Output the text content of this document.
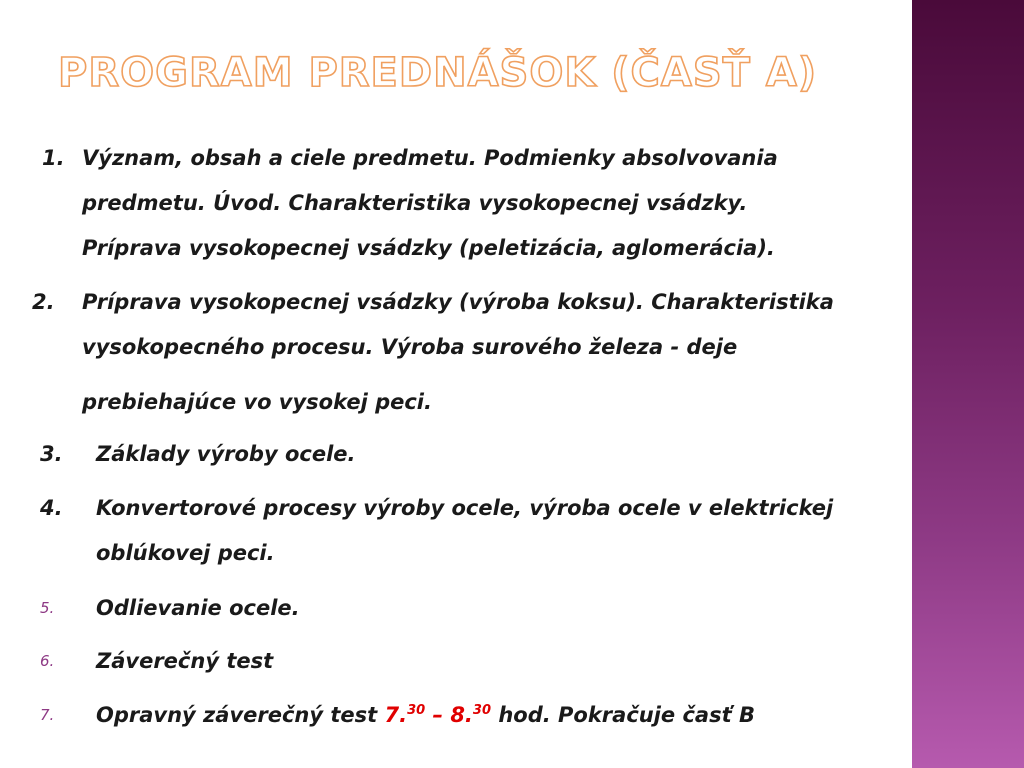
PROGRAM PREDNÁŠOK (ČASŤ A)
1. Význam, obsah a ciele predmetu. Podmienky absolvovania
predmetu. Úvod. Charakteristika vysokopecnej vsádzky.
Príprava vysokopecnej vsádzky (peletizácia, aglomerácia).
2. Príprava vysokopecnej vsádzky (výroba koksu). Charakteristika
vysokopecného procesu. Výroba surového železa - deje
prebiehajúce vo vysokej peci.
3. Základy výroby ocele.
4. Konvertorové procesy výroby ocele, výroba ocele v elektrickej
oblúkovej peci.
5. Odlievanie ocele.
6. Záverečný test
7. Opravný záverečný test 7.30 – 8.30 hod. Pokračuje časť B
